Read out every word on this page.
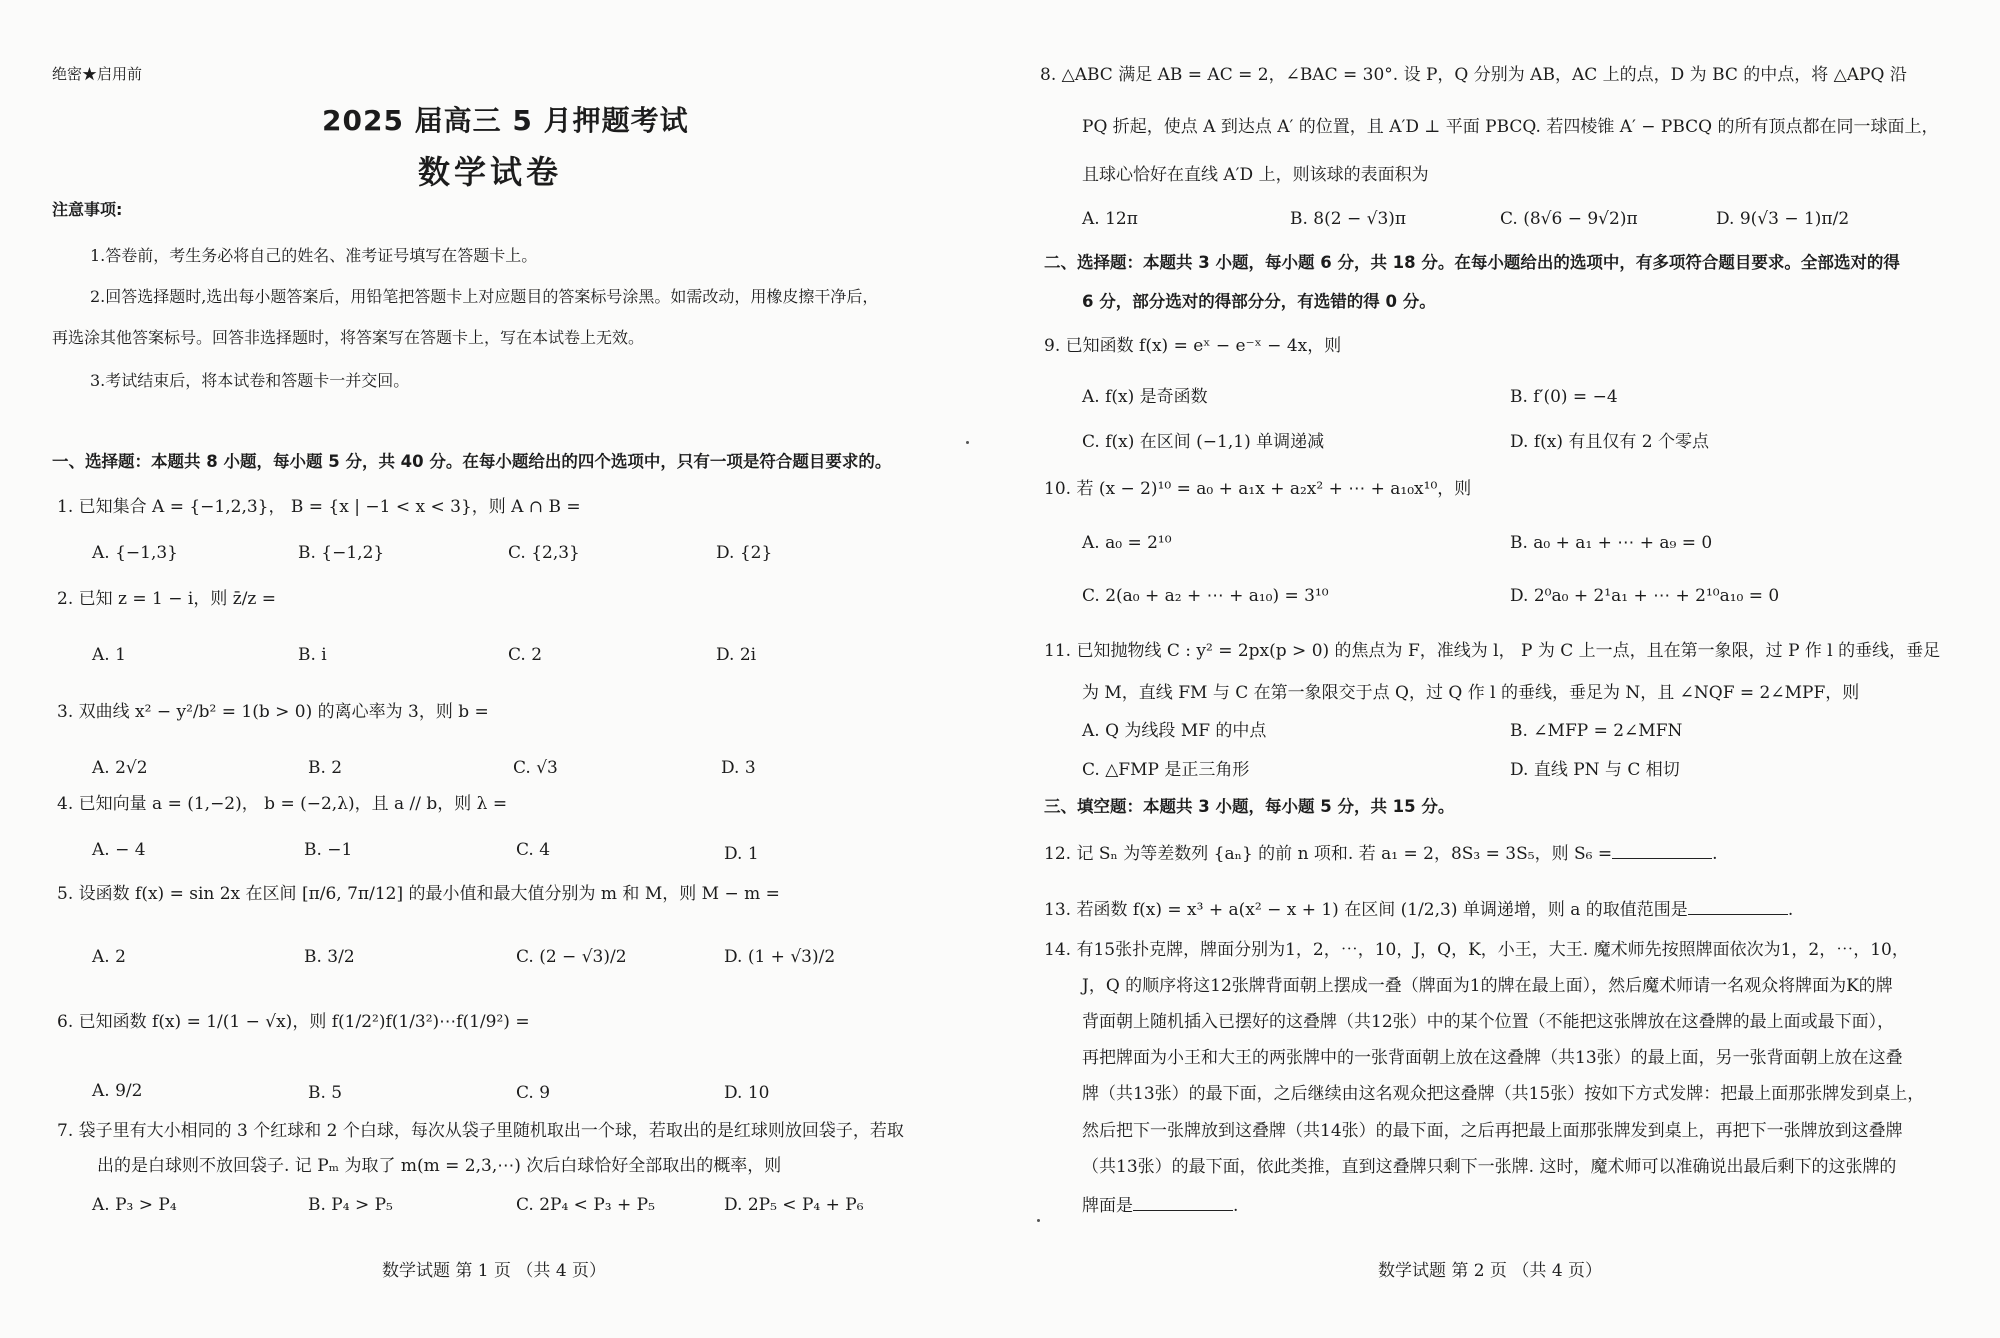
绝密★启用前
2025 届高三 5 月押题考试
数学试卷
注意事项:
1.答卷前，考生务必将自己的姓名、准考证号填写在答题卡上。
2.回答选择题时,选出每小题答案后，用铅笔把答题卡上对应题目的答案标号涂黑。如需改动，用橡皮擦干净后，
再选涂其他答案标号。回答非选择题时，将答案写在答题卡上，写在本试卷上无效。
3.考试结束后，将本试卷和答题卡一并交回。
一、选择题：本题共 8 小题，每小题 5 分，共 40 分。在每小题给出的四个选项中，只有一项是符合题目要求的。
1. 已知集合 A = {−1,2,3}， B = {x | −1 < x < 3}，则 A ∩ B =
A. {−1,3}	B. {−1,2}	C. {2,3}	D. {2}
2. 已知 z = 1 − i，则 z̄/z =
A. 1	B. i	C. 2	D. 2i
3. 双曲线 x² − y²/b² = 1(b > 0) 的离心率为 3，则 b =
A. 2√2	B. 2	C. √3	D. 3
4. 已知向量 a = (1,−2)， b = (−2,λ)，且 a // b，则 λ =
A. − 4	B. −1	C. 4	D. 1
5. 设函数 f(x) = sin 2x 在区间 [π/6, 7π/12] 的最小值和最大值分别为 m 和 M，则 M − m =
A. 2	B. 3/2	C. (2 − √3)/2	D. (1 + √3)/2
6. 已知函数 f(x) = 1/(1 − √x)，则 f(1/2²)f(1/3²)⋯f(1/9²) =
A. 9/2	B. 5	C. 9	D. 10
7. 袋子里有大小相同的 3 个红球和 2 个白球，每次从袋子里随机取出一个球，若取出的是红球则放回袋子，若取
出的是白球则不放回袋子. 记 Pₘ 为取了 m(m = 2,3,⋯) 次后白球恰好全部取出的概率，则
A. P₃ > P₄	B. P₄ > P₅	C. 2P₄ < P₃ + P₅	D. 2P₅ < P₄ + P₆
数学试题 第 1 页 （共 4 页）
8. △ABC 满足 AB = AC = 2，∠BAC = 30°. 设 P，Q 分别为 AB，AC 上的点，D 为 BC 的中点，将 △APQ 沿
PQ 折起，使点 A 到达点 A′ 的位置，且 A′D ⊥ 平面 PBCQ. 若四棱锥 A′ − PBCQ 的所有顶点都在同一球面上，
且球心恰好在直线 A′D 上，则该球的表面积为
A. 12π	B. 8(2 − √3)π	C. (8√6 − 9√2)π	D. 9(√3 − 1)π/2
二、选择题：本题共 3 小题，每小题 6 分，共 18 分。在每小题给出的选项中，有多项符合题目要求。全部选对的得
6 分，部分选对的得部分分，有选错的得 0 分。
9. 已知函数 f(x) = eˣ − e⁻ˣ − 4x，则
A. f(x) 是奇函数	B. f′(0) = −4
C. f(x) 在区间 (−1,1) 单调递减	D. f(x) 有且仅有 2 个零点
10. 若 (x − 2)¹⁰ = a₀ + a₁x + a₂x² + ⋯ + a₁₀x¹⁰，则
A. a₀ = 2¹⁰	B. a₀ + a₁ + ⋯ + a₉ = 0
C. 2(a₀ + a₂ + ⋯ + a₁₀) = 3¹⁰	D. 2⁰a₀ + 2¹a₁ + ⋯ + 2¹⁰a₁₀ = 0
11. 已知抛物线 C : y² = 2px(p > 0) 的焦点为 F，准线为 l， P 为 C 上一点，且在第一象限，过 P 作 l 的垂线，垂足
为 M，直线 FM 与 C 在第一象限交于点 Q，过 Q 作 l 的垂线，垂足为 N，且 ∠NQF = 2∠MPF，则
A. Q 为线段 MF 的中点	B. ∠MFP = 2∠MFN
C. △FMP 是正三角形	D. 直线 PN 与 C 相切
三、填空题：本题共 3 小题，每小题 5 分，共 15 分。
12. 记 Sₙ 为等差数列 {aₙ} 的前 n 项和. 若 a₁ = 2，8S₃ = 3S₅，则 S₆ =	.
13. 若函数 f(x) = x³ + a(x² − x + 1) 在区间 (1/2,3) 单调递增，则 a 的取值范围是	.
14. 有15张扑克牌，牌面分别为1，2，⋯，10，J，Q，K，小王，大王. 魔术师先按照牌面依次为1，2，⋯，10，
J，Q 的顺序将这12张牌背面朝上摆成一叠（牌面为1的牌在最上面），然后魔术师请一名观众将牌面为K的牌
背面朝上随机插入已摆好的这叠牌（共12张）中的某个位置（不能把这张牌放在这叠牌的最上面或最下面），
再把牌面为小王和大王的两张牌中的一张背面朝上放在这叠牌（共13张）的最上面，另一张背面朝上放在这叠
牌（共13张）的最下面，之后继续由这名观众把这叠牌（共15张）按如下方式发牌：把最上面那张牌发到桌上，
然后把下一张牌放到这叠牌（共14张）的最下面，之后再把最上面那张牌发到桌上，再把下一张牌放到这叠牌
（共13张）的最下面，依此类推，直到这叠牌只剩下一张牌. 这时，魔术师可以准确说出最后剩下的这张牌的
牌面是	.
数学试题 第 2 页 （共 4 页）
